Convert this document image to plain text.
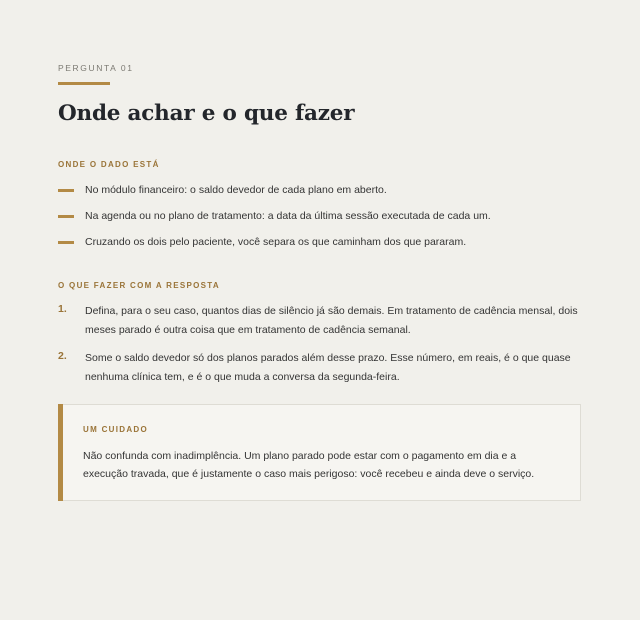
PERGUNTA 01
Onde achar e o que fazer
ONDE O DADO ESTÁ
No módulo financeiro: o saldo devedor de cada plano em aberto.
Na agenda ou no plano de tratamento: a data da última sessão executada de cada um.
Cruzando os dois pelo paciente, você separa os que caminham dos que pararam.
O QUE FAZER COM A RESPOSTA
1. Defina, para o seu caso, quantos dias de silêncio já são demais. Em tratamento de cadência mensal, dois meses parado é outra coisa que em tratamento de cadência semanal.
2. Some o saldo devedor só dos planos parados além desse prazo. Esse número, em reais, é o que quase nenhuma clínica tem, e é o que muda a conversa da segunda-feira.
UM CUIDADO
Não confunda com inadimplência. Um plano parado pode estar com o pagamento em dia e a execução travada, que é justamente o caso mais perigoso: você recebeu e ainda deve o serviço.
